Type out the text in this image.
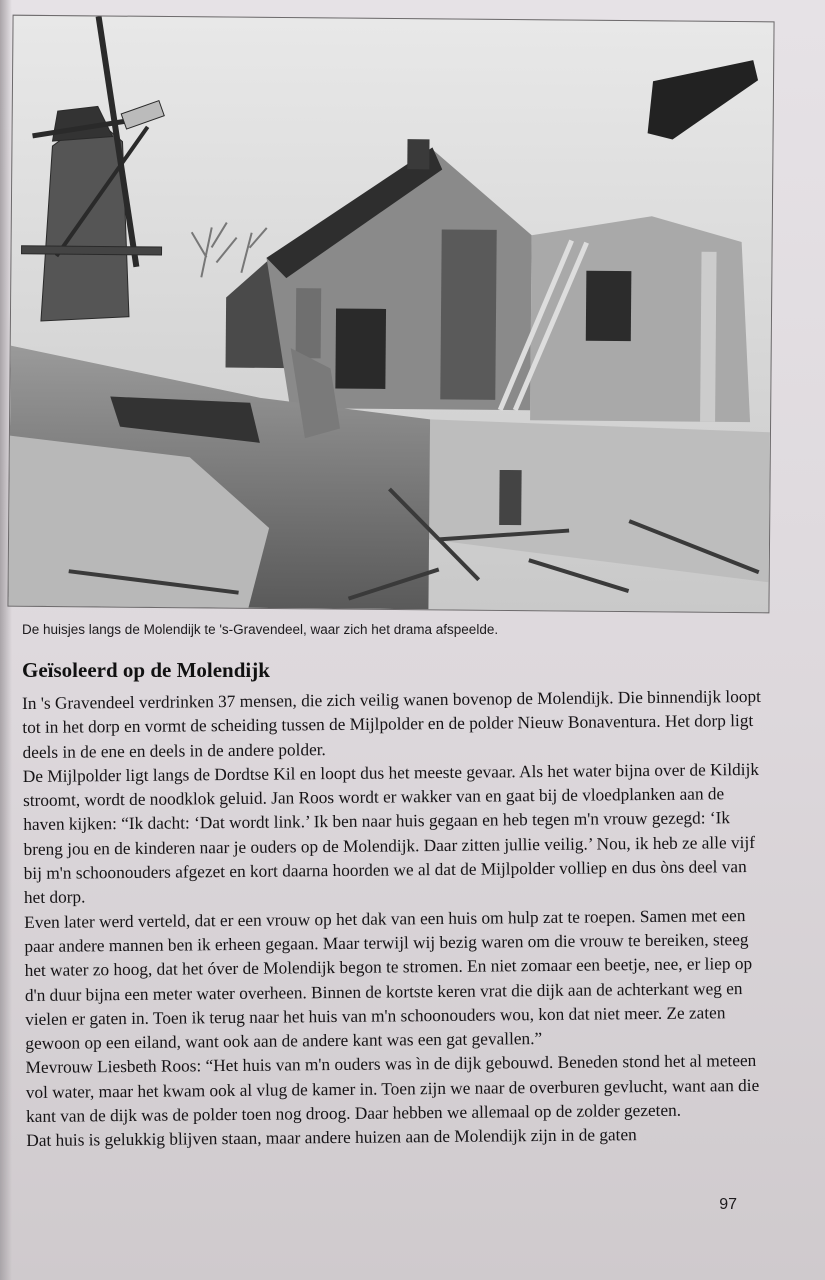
De huisjes langs de Molendijk te 's-Gravendeel, waar zich het drama afspeelde.
Geïsoleerd op de Molendijk

In 's Gravendeel verdrinken 37 mensen, die zich veilig wanen bovenop de Molendijk. Die binnendijk loopt tot in het dorp en vormt de scheiding tussen de Mijlpolder en de polder Nieuw Bonaventura. Het dorp ligt deels in de ene en deels in de andere polder.

De Mijlpolder ligt langs de Dordtse Kil en loopt dus het meeste gevaar. Als het water bijna over de Kildijk stroomt, wordt de noodklok geluid. Jan Roos wordt er wakker van en gaat bij de vloedplanken aan de haven kijken: “Ik dacht: ‘Dat wordt link.’ Ik ben naar huis gegaan en heb tegen m'n vrouw gezegd: ‘Ik breng jou en de kinderen naar je ouders op de Molendijk. Daar zitten jullie veilig.’ Nou, ik heb ze alle vijf bij m'n schoonouders afgezet en kort daarna hoorden we al dat de Mijlpolder volliep en dus òns deel van het dorp.

Even later werd verteld, dat er een vrouw op het dak van een huis om hulp zat te roepen. Samen met een paar andere mannen ben ik erheen gegaan. Maar terwijl wij bezig waren om die vrouw te bereiken, steeg het water zo hoog, dat het óver de Molendijk begon te stromen. En niet zomaar een beetje, nee, er liep op d'n duur bijna een meter water overheen. Binnen de kortste keren vrat die dijk aan de achterkant weg en vielen er gaten in. Toen ik terug naar het huis van m'n schoonouders wou, kon dat niet meer. Ze zaten gewoon op een eiland, want ook aan de andere kant was een gat gevallen.”

Mevrouw Liesbeth Roos: “Het huis van m'n ouders was ìn de dijk gebouwd. Beneden stond het al meteen vol water, maar het kwam ook al vlug de kamer in. Toen zijn we naar de overburen gevlucht, want aan die kant van de dijk was de polder toen nog droog. Daar hebben we allemaal op de zolder gezeten.

Dat huis is gelukkig blijven staan, maar andere huizen aan de Molendijk zijn in de gaten

97
